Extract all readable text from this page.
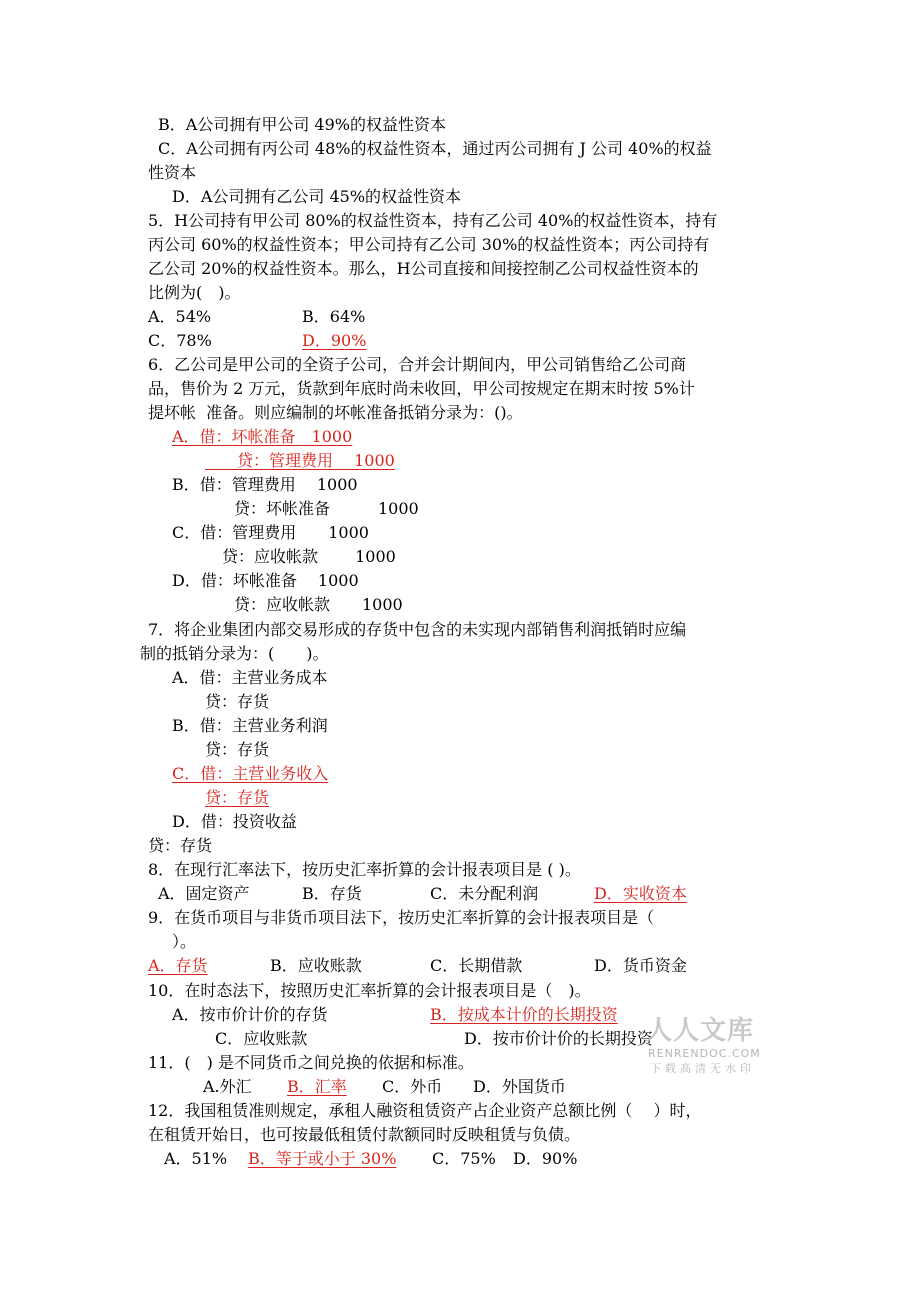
B．A公司拥有甲公司 49%的权益性资本
C．A公司拥有丙公司 48%的权益性资本，通过丙公司拥有 J 公司 40%的权益
性资本
D．A公司拥有乙公司 45%的权益性资本
5．H公司持有甲公司 80%的权益性资本，持有乙公司 40%的权益性资本，持有
丙公司 60%的权益性资本；甲公司持有乙公司 30%的权益性资本；丙公司持有
乙公司 20%的权益性资本。那么，H公司直接和间接控制乙公司权益性资本的
比例为(　)。
A．54%	B．64%
C．78%	D．90%
6．乙公司是甲公司的全资子公司，合并会计期间内，甲公司销售给乙公司商
品，售价为 2 万元，货款到年底时尚未收回，甲公司按规定在期末时按 5%计
提坏帐  准备。则应编制的坏帐准备抵销分录为：()。
A．借：坏帐准备　1000
　　贷：管理费用　 1000
B．借：管理费用　 1000
贷：坏帐准备　　　1000
C．借：管理费用　　1000
贷：应收帐款　　 1000
D．借：坏帐准备　 1000
贷：应收帐款　　1000
7．将企业集团内部交易形成的存货中包含的未实现内部销售利润抵销时应编
制的抵销分录为：(　　)。
A．借：主营业务成本
贷：存货
B．借：主营业务利润
贷：存货
C．借：主营业务收入
贷：存货
D．借：投资收益
贷：存货
8．在现行汇率法下，按历史汇率折算的会计报表项目是 ( )。
A．固定资产	B．存货	C．未分配利润	D．实收资本
9．在货币项目与非货币项目法下，按历史汇率折算的会计报表项目是（
）。
A．存货	B．应收账款	C．长期借款	D．货币资金
10．在时态法下，按照历史汇率折算的会计报表项目是（　)。
A．按市价计价的存货	B．按成本计价的长期投资
C．应收账款	D．按市价计价的长期投资
11．(　) 是不同货币之间兑换的依据和标准。
A.外汇 B．汇率 C．外币 D．外国货币
12．我国租赁准则规定，承租人融资租赁资产占企业资产总额比例（　 ）时，
在租赁开始日，也可按最低租赁付款额同时反映租赁与负债。
A．51% B．等于或小于 30% C．75% D．90%
人人文库
RENRENDOC.COM
下载高清无水印
